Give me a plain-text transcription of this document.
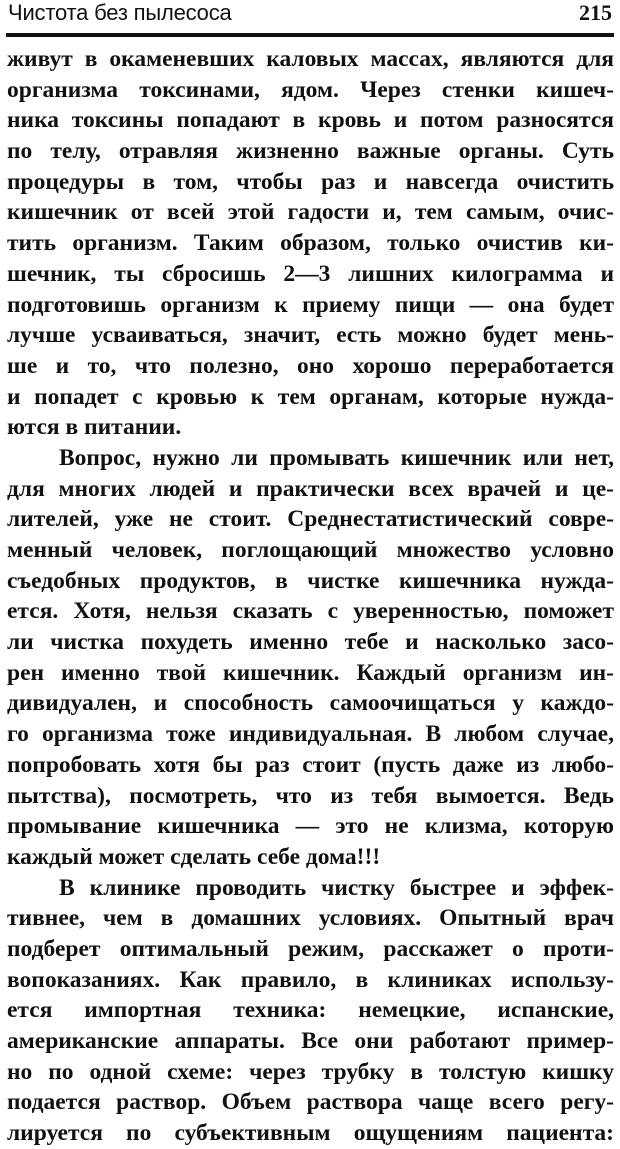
Чистота без пылесоса	215
живут в окаменевших каловых массах, являются для
организма токсинами, ядом. Через стенки кишеч-
ника токсины попадают в кровь и потом разносятся
по телу, отравляя жизненно важные органы. Суть
процедуры в том, чтобы раз и навсегда очистить
кишечник от всей этой гадости и, тем самым, очис-
тить организм. Таким образом, только очистив ки-
шечник, ты сбросишь 2—3 лишних килограмма и
подготовишь организм к приему пищи — она будет
лучше усваиваться, значит, есть можно будет мень-
ше и то, что полезно, оно хорошо переработается
и попадет с кровью к тем органам, которые нужда-
ются в питании.
Вопрос, нужно ли промывать кишечник или нет,
для многих людей и практически всех врачей и це-
лителей, уже не стоит. Среднестатистический совре-
менный человек, поглощающий множество условно
съедобных продуктов, в чистке кишечника нужда-
ется. Хотя, нельзя сказать с уверенностью, поможет
ли чистка похудеть именно тебе и насколько засо-
рен именно твой кишечник. Каждый организм ин-
дивидуален, и способность самоочищаться у каждо-
го организма тоже индивидуальная. В любом случае,
попробовать хотя бы раз стоит (пусть даже из любо-
пытства), посмотреть, что из тебя вымоется. Ведь
промывание кишечника — это не клизма, которую
каждый может сделать себе дома!!!
В клинике проводить чистку быстрее и эффек-
тивнее, чем в домашних условиях. Опытный врач
подберет оптимальный режим, расскажет о проти-
вопоказаниях. Как правило, в клиниках использу-
ется импортная техника: немецкие, испанские,
американские аппараты. Все они работают пример-
но по одной схеме: через трубку в толстую кишку
подается раствор. Объем раствора чаще всего регу-
лируется по субъективным ощущениям пациента:
